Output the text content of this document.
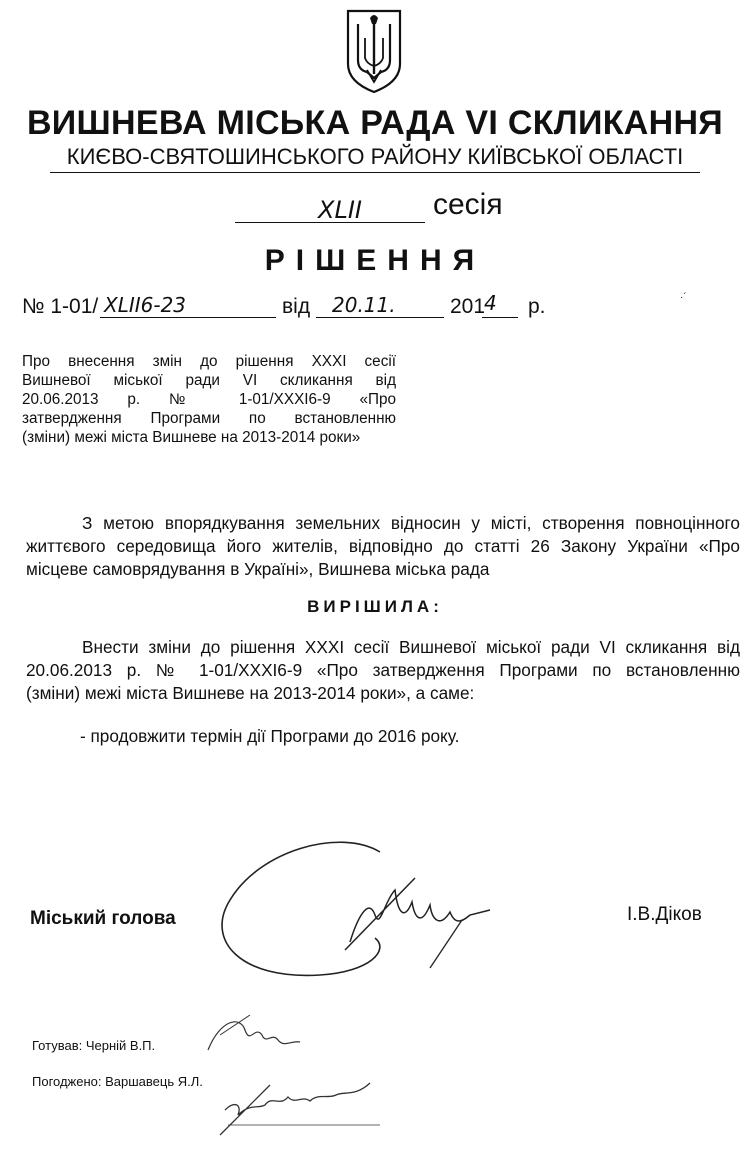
ВИШНЕВА МІСЬКА РАДА VI СКЛИКАННЯ
КИЄВО-СВЯТОШИНСЬКОГО РАЙОНУ КИЇВСЬКОЇ ОБЛАСТІ
XLII	сесія
РІШЕННЯ
№ 1-01/ XLII6-23	від 20.11.	201
4 р.	·´
Про внесення змін до рішення XXXI сесії
Вишневої міської ради VI скликання від
20.06.2013 р. № 1-01/XXXI6-9 «Про
затвердження Програми по встановленню
(зміни) межі міста Вишневе на 2013-2014 роки»
З метою впорядкування земельних відносин у місті, створення повноцінного
життєвого середовища його жителів, відповідно до статті 26 Закону України «Про
місцеве самоврядування в Україні», Вишнева міська рада
ВИРІШИЛА:
Внести зміни до рішення XXXI сесії Вишневої міської ради VI скликання від
20.06.2013 р. № 1-01/XXXI6-9 «Про затвердження Програми по встановленню
(зміни) межі міста Вишневе на 2013-2014 роки», а саме:
- продовжити термін дії Програми до 2016 року.
Міський голова	І.В.Діков
Готував: Черній В.П.
Погоджено: Варшавець Я.Л.
